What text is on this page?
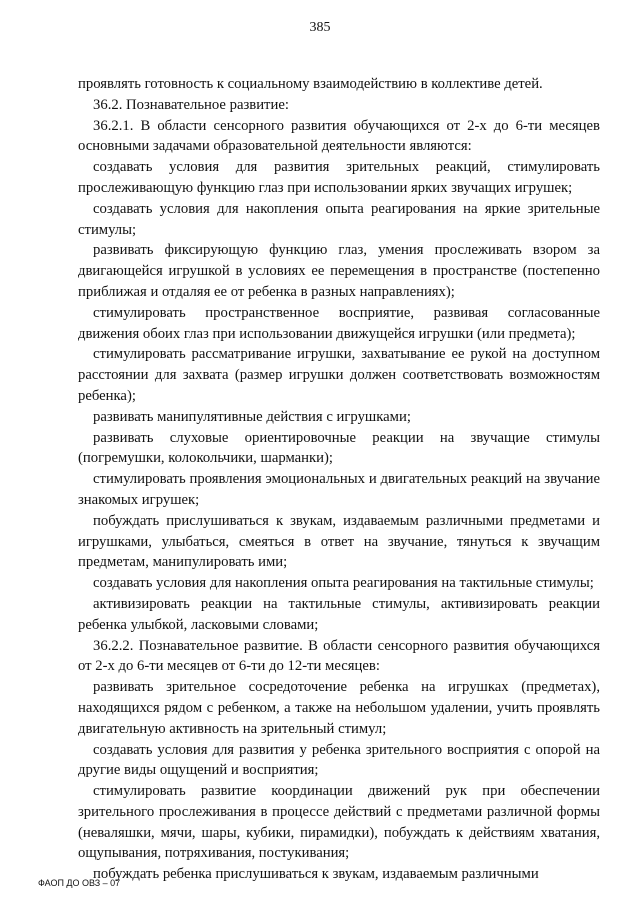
385

проявлять готовность к социальному взаимодействию в коллективе детей.

36.2. Познавательное развитие:

36.2.1. В области сенсорного развития обучающихся от 2-х до 6-ти месяцев основными задачами образовательной деятельности являются:

создавать условия для развития зрительных реакций, стимулировать прослеживающую функцию глаз при использовании ярких звучащих игрушек;

создавать условия для накопления опыта реагирования на яркие зрительные стимулы;

развивать фиксирующую функцию глаз, умения прослеживать взором за двигающейся игрушкой в условиях ее перемещения в пространстве (постепенно приближая и отдаляя ее от ребенка в разных направлениях);

стимулировать пространственное восприятие, развивая согласованные движения обоих глаз при использовании движущейся игрушки (или предмета);

стимулировать рассматривание игрушки, захватывание ее рукой на доступном расстоянии для захвата (размер игрушки должен соответствовать возможностям ребенка);

развивать манипулятивные действия с игрушками;

развивать слуховые ориентировочные реакции на звучащие стимулы (погремушки, колокольчики, шарманки);

стимулировать проявления эмоциональных и двигательных реакций на звучание знакомых игрушек;

побуждать прислушиваться к звукам, издаваемым различными предметами и игрушками, улыбаться, смеяться в ответ на звучание, тянуться к звучащим предметам, манипулировать ими;

создавать условия для накопления опыта реагирования на тактильные стимулы;

активизировать реакции на тактильные стимулы, активизировать реакции ребенка улыбкой, ласковыми словами;

36.2.2. Познавательное развитие. В области сенсорного развития обучающихся от 2-х до 6-ти месяцев от 6-ти до 12-ти месяцев:

развивать зрительное сосредоточение ребенка на игрушках (предметах), находящихся рядом с ребенком, а также на небольшом удалении, учить проявлять двигательную активность на зрительный стимул;

создавать условия для развития у ребенка зрительного восприятия с опорой на другие виды ощущений и восприятия;

стимулировать развитие координации движений рук при обеспечении зрительного прослеживания в процессе действий с предметами различной формы (неваляшки, мячи, шары, кубики, пирамидки), побуждать к действиям хватания, ощупывания, потряхивания, постукивания;

побуждать ребенка прислушиваться к звукам, издаваемым различными

ФАОП ДО ОВЗ – 07
